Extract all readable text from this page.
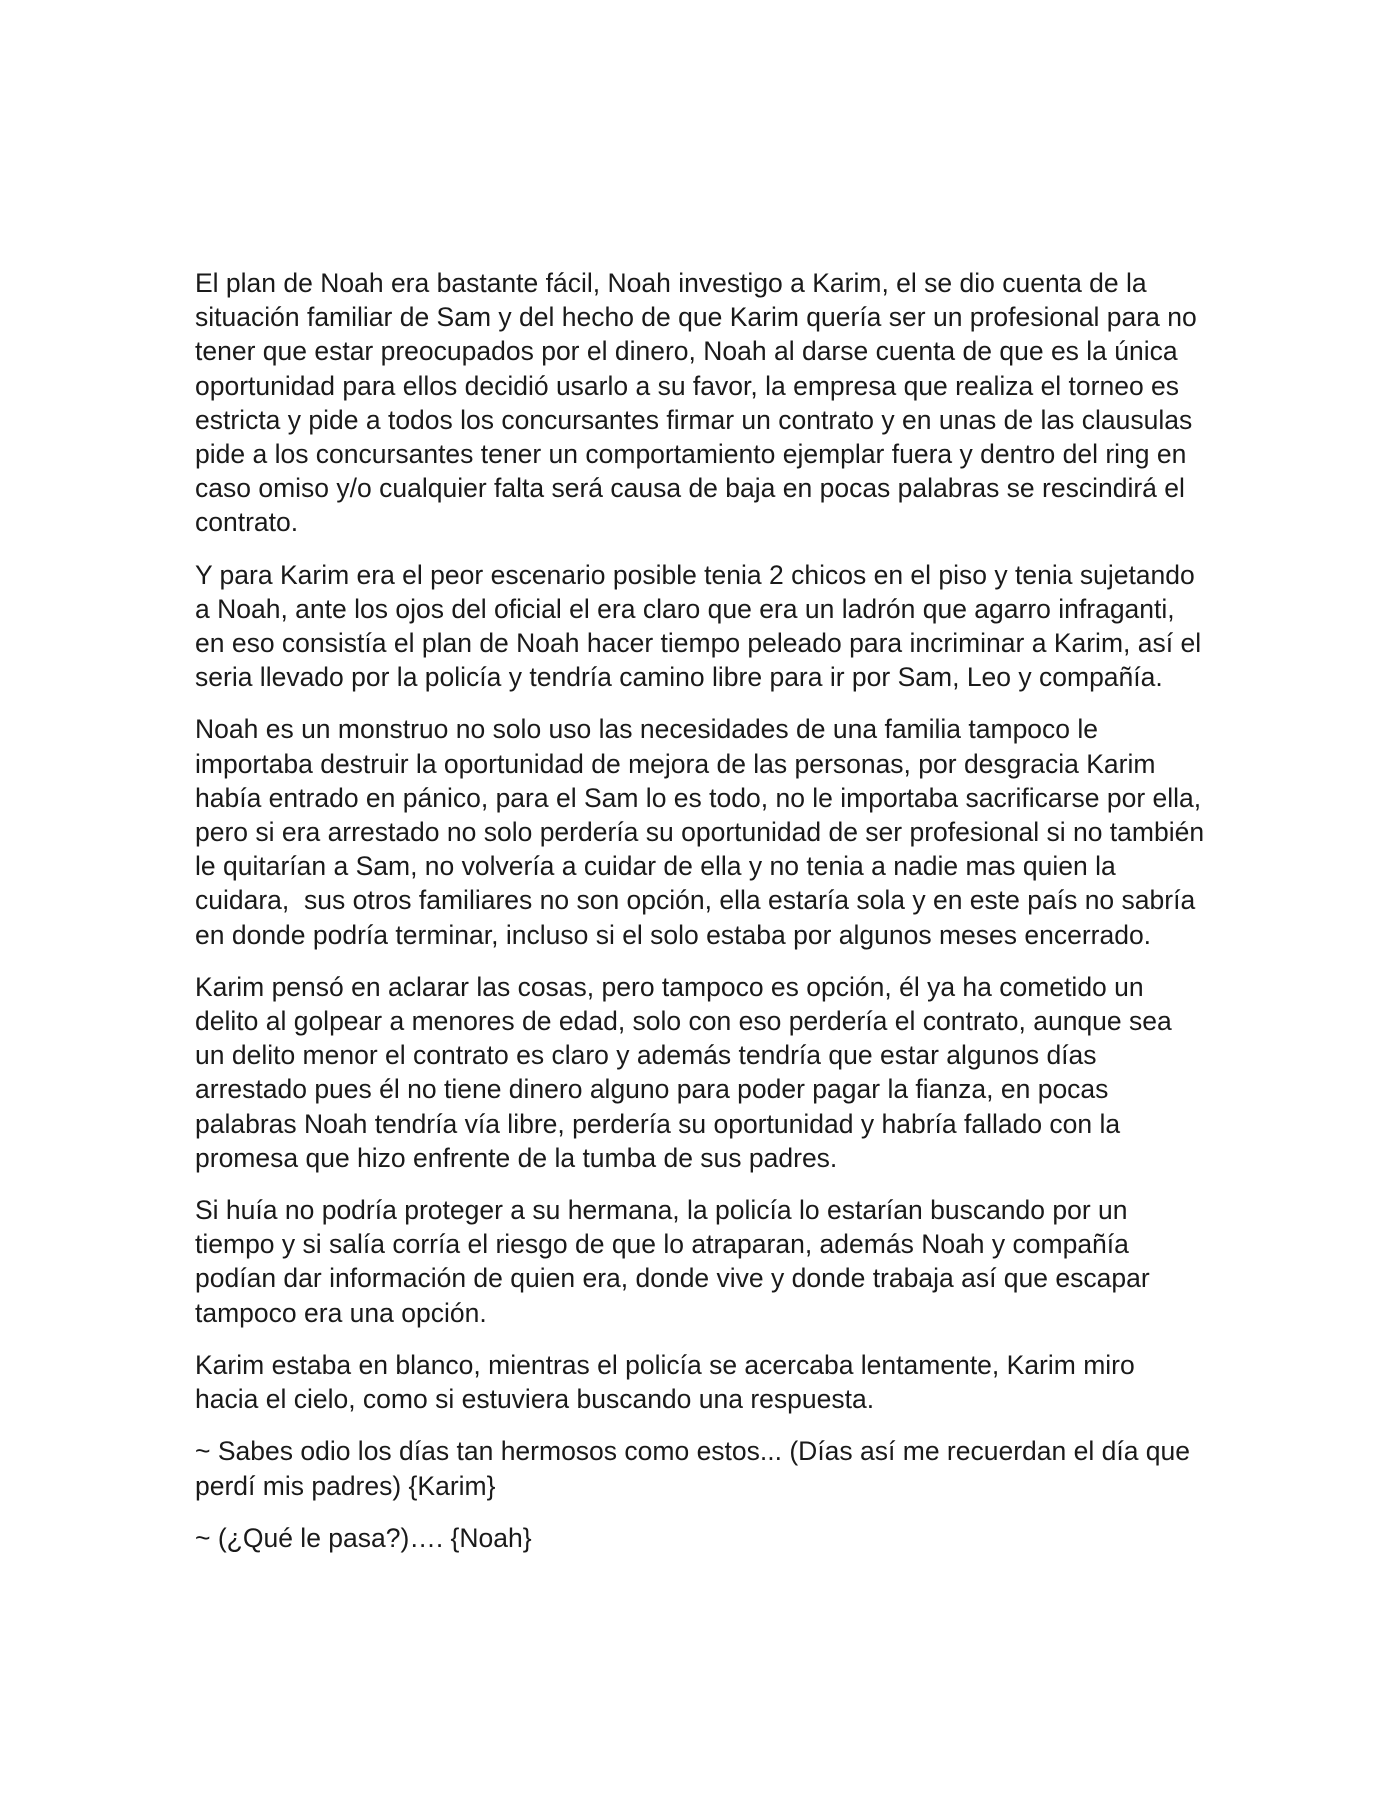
El plan de Noah era bastante fácil, Noah investigo a Karim, el se dio cuenta de la situación familiar de Sam y del hecho de que Karim quería ser un profesional para no tener que estar preocupados por el dinero, Noah al darse cuenta de que es la única oportunidad para ellos decidió usarlo a su favor, la empresa que realiza el torneo es estricta y pide a todos los concursantes firmar un contrato y en unas de las clausulas pide a los concursantes tener un comportamiento ejemplar fuera y dentro del ring en caso omiso y/o cualquier falta será causa de baja en pocas palabras se rescindirá el contrato.

Y para Karim era el peor escenario posible tenia 2 chicos en el piso y tenia sujetando a Noah, ante los ojos del oficial el era claro que era un ladrón que agarro infraganti, en eso consistía el plan de Noah hacer tiempo peleado para incriminar a Karim, así el seria llevado por la policía y tendría camino libre para ir por Sam, Leo y compañía.

Noah es un monstruo no solo uso las necesidades de una familia tampoco le importaba destruir la oportunidad de mejora de las personas, por desgracia Karim había entrado en pánico, para el Sam lo es todo, no le importaba sacrificarse por ella, pero si era arrestado no solo perdería su oportunidad de ser profesional si no también le quitarían a Sam, no volvería a cuidar de ella y no tenia a nadie mas quien la cuidara,  sus otros familiares no son opción, ella estaría sola y en este país no sabría en donde podría terminar, incluso si el solo estaba por algunos meses encerrado.

Karim pensó en aclarar las cosas, pero tampoco es opción, él ya ha cometido un delito al golpear a menores de edad, solo con eso perdería el contrato, aunque sea un delito menor el contrato es claro y además tendría que estar algunos días arrestado pues él no tiene dinero alguno para poder pagar la fianza, en pocas palabras Noah tendría vía libre, perdería su oportunidad y habría fallado con la promesa que hizo enfrente de la tumba de sus padres.

Si huía no podría proteger a su hermana, la policía lo estarían buscando por un tiempo y si salía corría el riesgo de que lo atraparan, además Noah y compañía podían dar información de quien era, donde vive y donde trabaja así que escapar tampoco era una opción.

Karim estaba en blanco, mientras el policía se acercaba lentamente, Karim miro hacia el cielo, como si estuviera buscando una respuesta.

~ Sabes odio los días tan hermosos como estos... (Días así me recuerdan el día que perdí mis padres) {Karim}

~ (¿Qué le pasa?)…. {Noah}
